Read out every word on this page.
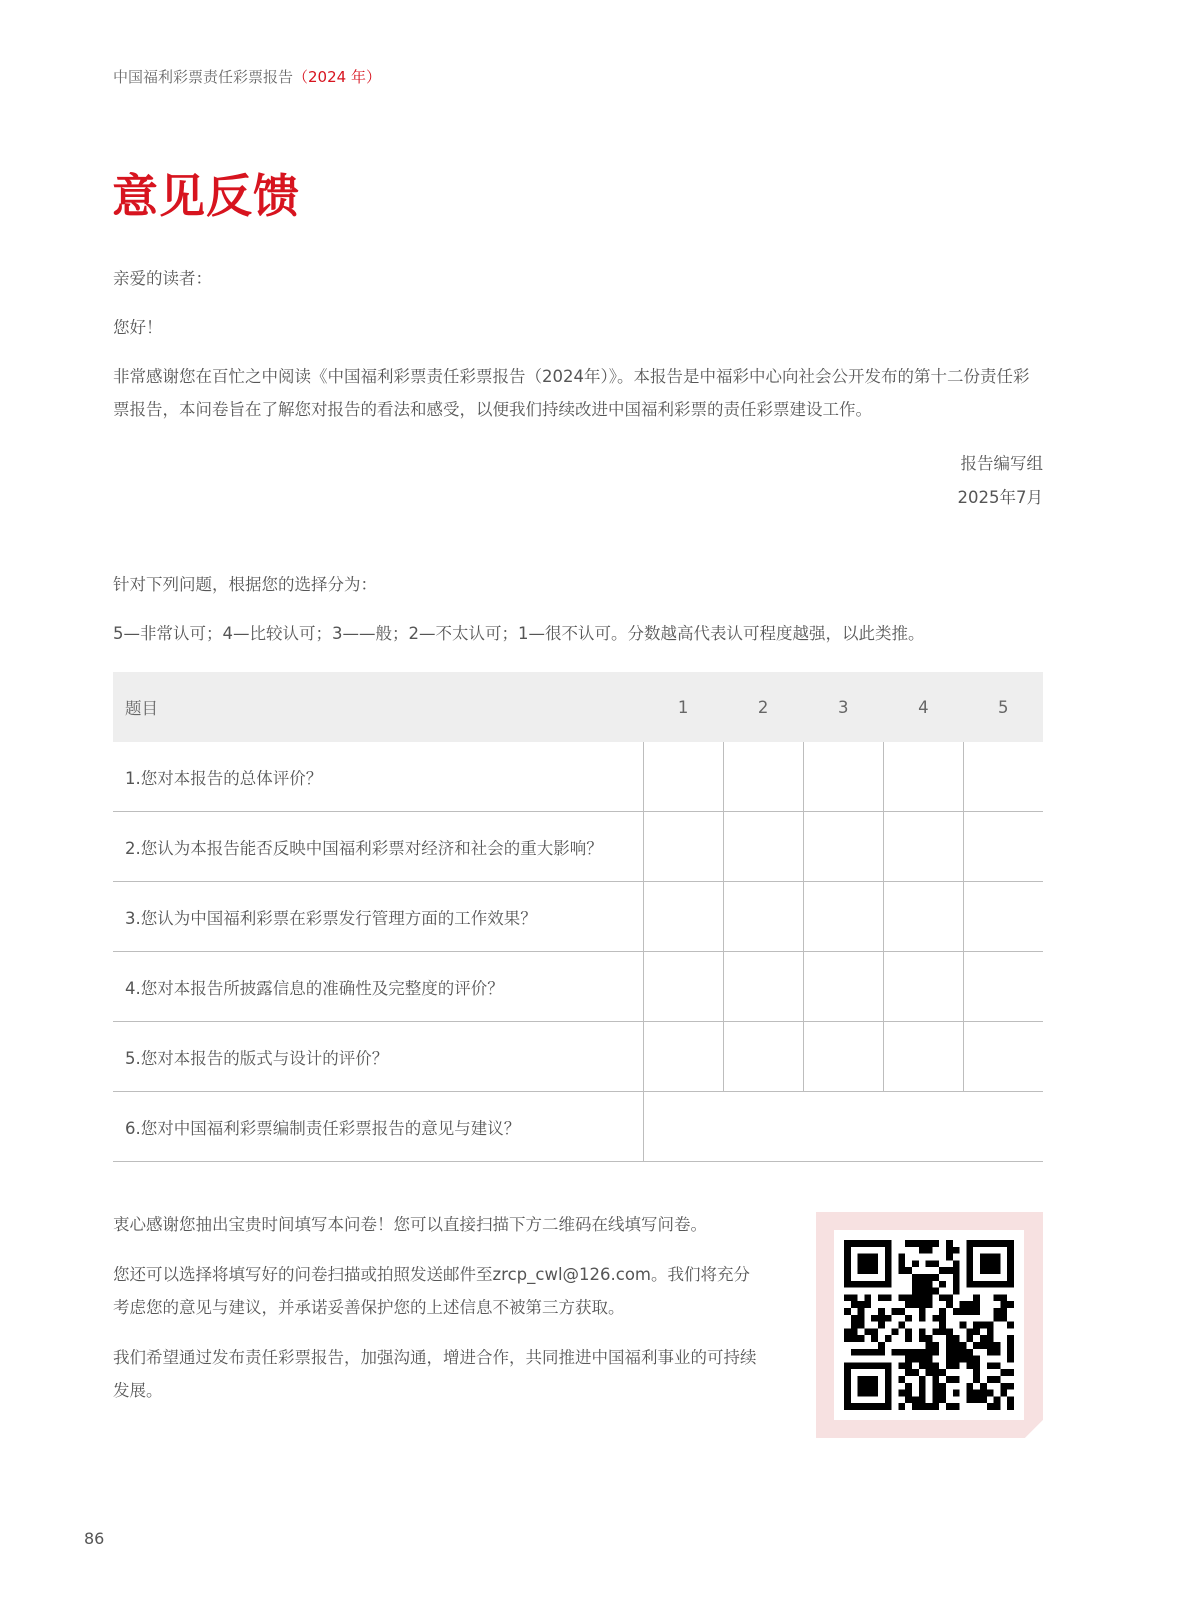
中国福利彩票责任彩票报告（2024 年）
意见反馈

亲爱的读者：

您好！

非常感谢您在百忙之中阅读《中国福利彩票责任彩票报告（2024年）》。本报告是中福彩中心向社会公开发布的第十二份责任彩票报告，本问卷旨在了解您对报告的看法和感受，以便我们持续改进中国福利彩票的责任彩票建设工作。

报告编写组
2025年7月

针对下列问题，根据您的选择分为：

5—非常认可；4—比较认可；3——般；2—不太认可；1—很不认可。分数越高代表认可程度越强，以此类推。

题目	1	2	3	4	5
1.您对本报告的总体评价？					
2.您认为本报告能否反映中国福利彩票对经济和社会的重大影响？					
3.您认为中国福利彩票在彩票发行管理方面的工作效果？					
4.您对本报告所披露信息的准确性及完整度的评价？					
5.您对本报告的版式与设计的评价？					
6.您对中国福利彩票编制责任彩票报告的意见与建议？					

衷心感谢您抽出宝贵时间填写本问卷！您可以直接扫描下方二维码在线填写问卷。

您还可以选择将填写好的问卷扫描或拍照发送邮件至zrcp_cwl@126.com。我们将充分考虑您的意见与建议，并承诺妥善保护您的上述信息不被第三方获取。

我们希望通过发布责任彩票报告，加强沟通，增进合作，共同推进中国福利事业的可持续发展。

86
